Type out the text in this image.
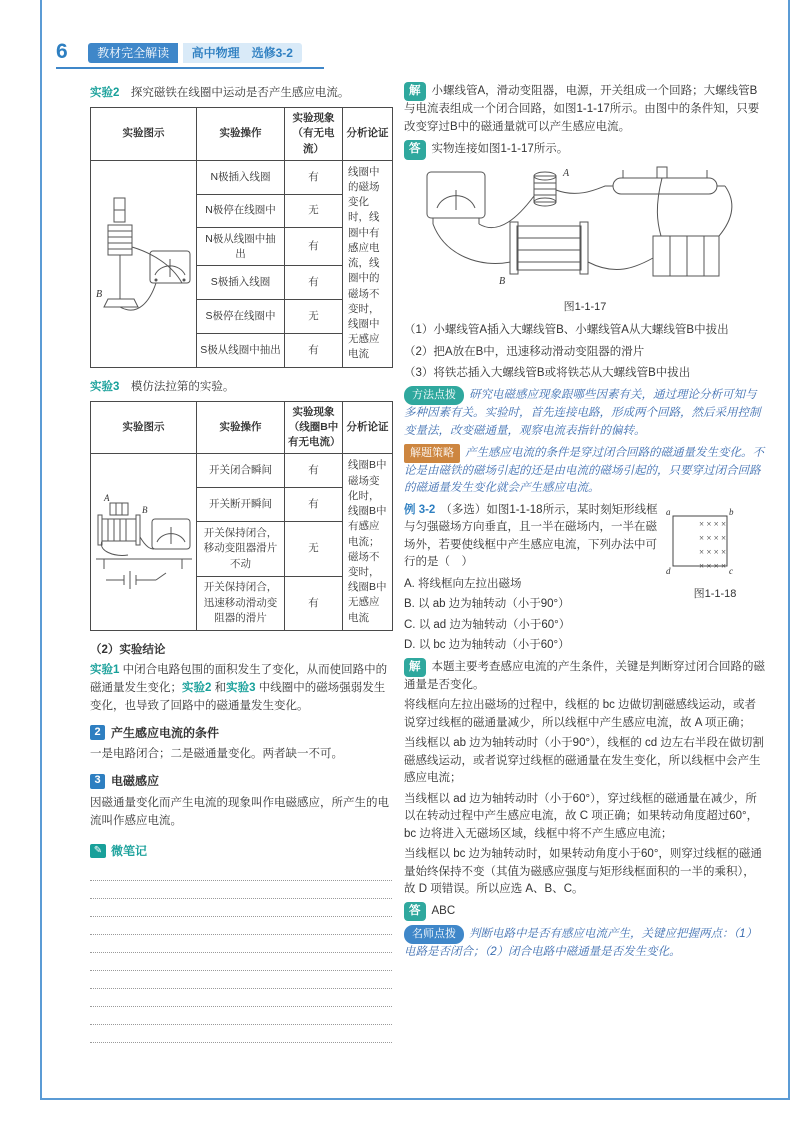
6 教材完全解读 高中物理　选修3-2

实验2　探究磁铁在线圈中运动是否产生感应电流。

实验图示	实验操作	实验现象（有无电流）	分析论证

B	N极插入线圈	有	线圈中的磁场变化时，线圈中有感应电流，线圈中的磁场不变时，线圈中无感应电流
	N极停在线圈中	无	
	N极从线圈中抽出	有	
	S极插入线圈	有	
	S极停在线圈中	无	
	S极从线圈中抽出	有	

实验3　模仿法拉第的实验。

实验图示	实验操作	实验现象（线圈B中有无电流）	分析论证

A
B	开关闭合瞬间	有	线圈B中磁场变化时，线圈B中有感应电流；磁场不变时，线圈B中无感应电流
	开关断开瞬间	有	
	开关保持闭合，移动变阻器滑片不动	无	
	开关保持闭合，迅速移动滑动变阻器的滑片	有	

（2）实验结论

实验1 中闭合电路包围的面积发生了变化，从而使回路中的磁通量发生变化；实验2 和实验3 中线圈中的磁场强弱发生变化，也导致了回路中的磁通量发生变化。

2 产生感应电流的条件

一是电路闭合；二是磁通量变化。两者缺一不可。

3 电磁感应

因磁通量变化而产生电流的现象叫作电磁感应，所产生的电流叫作感应电流。

✎ 微笔记

解 小螺线管A，滑动变阻器，电源，开关组成一个回路；大螺线管B与电流表组成一个闭合回路，如图1-1-17所示。由图中的条件知，只要改变穿过B中的磁通量就可以产生感应电流。

答 实物连接如图1-1-17所示。

A
B
图1-1-17

（1）小螺线管A插入大螺线管B、小螺线管A从大螺线管B中拔出

（2）把A放在B中，迅速移动滑动变阻器的滑片

（3）将铁芯插入大螺线管B或将铁芯从大螺线管B中拔出

方法点拨 研究电磁感应现象跟哪些因素有关，通过理论分析可知与多种因素有关。实验时，首先连接电路，形成两个回路，然后采用控制变量法，改变磁通量，观察电流表指针的偏转。

解题策略 产生感应电流的条件是穿过闭合回路的磁通量发生变化。不论是由磁铁的磁场引起的还是由电流的磁场引起的，只要穿过闭合回路的磁通量发生变化就会产生感应电流。

× × × ×
× × × ×
× × × ×
× × × ×
a	b
c
d
图1-1-18

例 3-2 （多选）如图1-1-18所示，某时刻矩形线框与匀强磁场方向垂直，且一半在磁场内，一半在磁场外，若要使线框中产生感应电流，下列办法中可行的是（　）

A. 将线框向左拉出磁场
B. 以 ab 边为轴转动（小于90°）
C. 以 ad 边为轴转动（小于60°）
D. 以 bc 边为轴转动（小于60°）

解 本题主要考查感应电流的产生条件，关键是判断穿过闭合回路的磁通量是否变化。

将线框向左拉出磁场的过程中，线框的 bc 边做切割磁感线运动，或者说穿过线框的磁通量减少，所以线框中产生感应电流，故 A 项正确；

当线框以 ab 边为轴转动时（小于90°），线框的 cd 边左右半段在做切割磁感线运动，或者说穿过线框的磁通量在发生变化，所以线框中会产生感应电流；

当线框以 ad 边为轴转动时（小于60°），穿过线框的磁通量在减少，所以在转动过程中产生感应电流，故 C 项正确；如果转动角度超过60°，bc 边将进入无磁场区域，线框中将不产生感应电流；

当线框以 bc 边为轴转动时，如果转动角度小于60°，则穿过线框的磁通量始终保持不变（其值为磁感应强度与矩形线框面积的一半的乘积），故 D 项错误。所以应选 A、B、C。

答 ABC

名师点拨 判断电路中是否有感应电流产生，关键应把握两点：（1）电路是否闭合；（2）闭合电路中磁通量是否发生变化。
